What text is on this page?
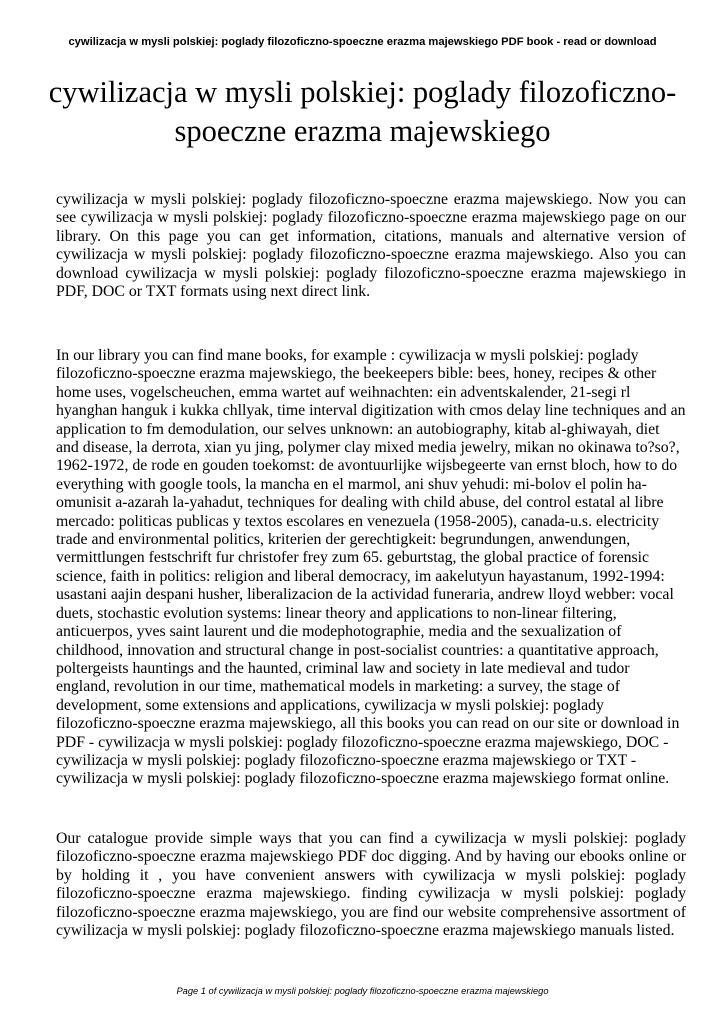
cywilizacja w mysli polskiej: poglady filozoficzno-spoeczne erazma majewskiego PDF book - read or download
cywilizacja w mysli polskiej: poglady filozoficzno-spoeczne erazma majewskiego

cywilizacja w mysli polskiej: poglady filozoficzno-spoeczne erazma majewskiego. Now you can see cywilizacja w mysli polskiej: poglady filozoficzno-spoeczne erazma majewskiego page on our library. On this page you can get information, citations, manuals and alternative version of cywilizacja w mysli polskiej: poglady filozoficzno-spoeczne erazma majewskiego. Also you can download cywilizacja w mysli polskiej: poglady filozoficzno-spoeczne erazma majewskiego in PDF, DOC or TXT formats using next direct link.

In our library you can find mane books, for example : cywilizacja w mysli polskiej: poglady filozoficzno-spoeczne erazma majewskiego, the beekeepers bible: bees, honey, recipes & other home uses, vogelscheuchen, emma wartet auf weihnachten: ein adventskalender, 21-segi rl hyanghan hanguk i kukka chllyak, time interval digitization with cmos delay line techniques and an application to fm demodulation, our selves unknown: an autobiography, kitab al-ghiwayah, diet and disease, la derrota, xian yu jing, polymer clay mixed media jewelry, mikan no okinawa to?so?, 1962-1972, de rode en gouden toekomst: de avontuurlijke wijsbegeerte van ernst bloch, how to do everything with google tools, la mancha en el marmol, ani shuv yehudi: mi-bolov el polin ha-omunisit a-azarah la-yahadut, techniques for dealing with child abuse, del control estatal al libre mercado: politicas publicas y textos escolares en venezuela (1958-2005), canada-u.s. electricity trade and environmental politics, kriterien der gerechtigkeit: begrundungen, anwendungen, vermittlungen festschrift fur christofer frey zum 65. geburtstag, the global practice of forensic science, faith in politics: religion and liberal democracy, im aakelutyun hayastanum, 1992-1994: usastani aajin despani husher, liberalizacion de la actividad funeraria, andrew lloyd webber: vocal duets, stochastic evolution systems: linear theory and applications to non-linear filtering, anticuerpos, yves saint laurent und die modephotographie, media and the sexualization of childhood, innovation and structural change in post-socialist countries: a quantitative approach, poltergeists hauntings and the haunted, criminal law and society in late medieval and tudor england, revolution in our time, mathematical models in marketing: a survey, the stage of development, some extensions and applications, cywilizacja w mysli polskiej: poglady filozoficzno-spoeczne erazma majewskiego, all this books you can read on our site or download in PDF - cywilizacja w mysli polskiej: poglady filozoficzno-spoeczne erazma majewskiego, DOC - cywilizacja w mysli polskiej: poglady filozoficzno-spoeczne erazma majewskiego or TXT - cywilizacja w mysli polskiej: poglady filozoficzno-spoeczne erazma majewskiego format online.

Our catalogue provide simple ways that you can find a cywilizacja w mysli polskiej: poglady filozoficzno-spoeczne erazma majewskiego PDF doc digging. And by having our ebooks online or by holding it , you have convenient answers with cywilizacja w mysli polskiej: poglady filozoficzno-spoeczne erazma majewskiego. finding cywilizacja w mysli polskiej: poglady filozoficzno-spoeczne erazma majewskiego, you are find our website comprehensive assortment of cywilizacja w mysli polskiej: poglady filozoficzno-spoeczne erazma majewskiego manuals listed.

Page 1 of cywilizacja w mysli polskiej: poglady filozoficzno-spoeczne erazma majewskiego
